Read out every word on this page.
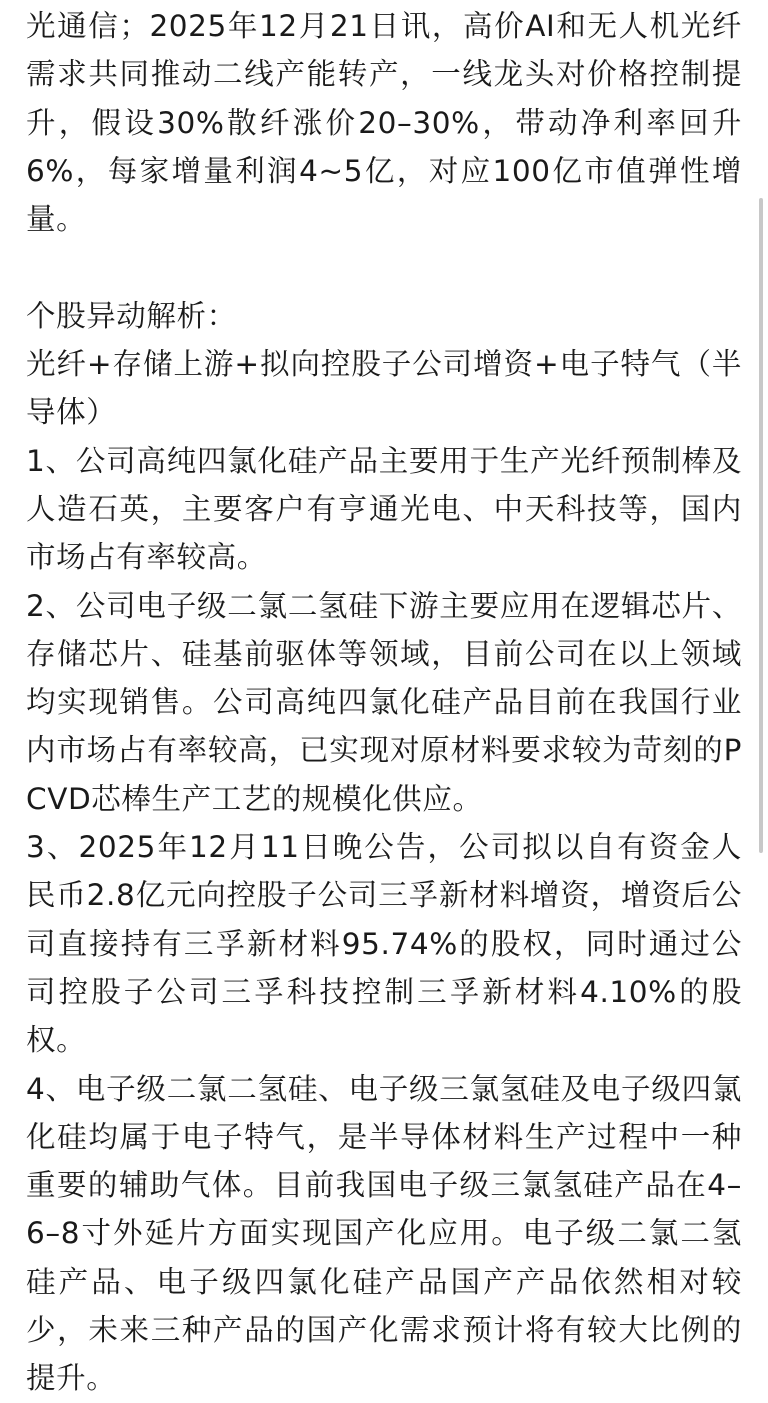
光通信；2025年12月21日讯，高价AI和无人机光纤需求共同推动二线产能转产，一线龙头对价格控制提升，假设30%散纤涨价20–30%，带动净利率回升6%，每家增量利润4~5亿，对应100亿市值弹性增量。

个股异动解析：

光纤+存储上游+拟向控股子公司增资+电子特气（半导体）

1、公司高纯四氯化硅产品主要用于生产光纤预制棒及人造石英，主要客户有亨通光电、中天科技等，国内市场占有率较高。

2、公司电子级二氯二氢硅下游主要应用在逻辑芯片、存储芯片、硅基前驱体等领域，目前公司在以上领域均实现销售。公司高纯四氯化硅产品目前在我国行业内市场占有率较高，已实现对原材料要求较为苛刻的PCVD芯棒生产工艺的规模化供应。

3、2025年12月11日晚公告，公司拟以自有资金人民币2.8亿元向控股子公司三孚新材料增资，增资后公司直接持有三孚新材料95.74%的股权，同时通过公司控股子公司三孚科技控制三孚新材料4.10%的股权。

4、电子级二氯二氢硅、电子级三氯氢硅及电子级四氯化硅均属于电子特气，是半导体材料生产过程中一种重要的辅助气体。目前我国电子级三氯氢硅产品在4–6–8寸外延片方面实现国产化应用。电子级二氯二氢硅产品、电子级四氯化硅产品国产产品依然相对较少，未来三种产品的国产化需求预计将有较大比例的提升。
